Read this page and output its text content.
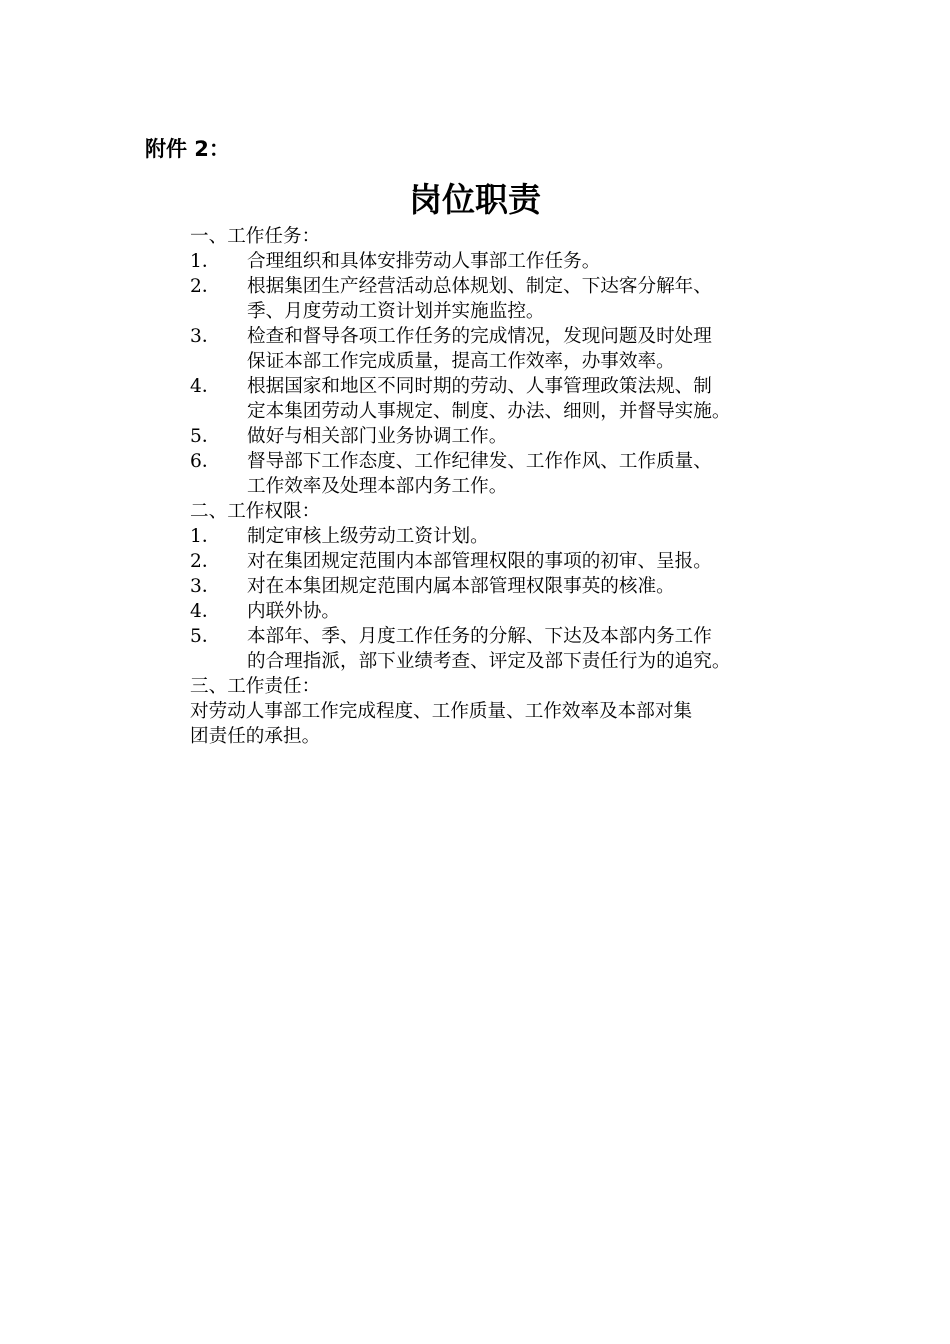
附件 2：
岗位职责
一、工作任务：
1．	合理组织和具体安排劳动人事部工作任务。
2．	根据集团生产经营活动总体规划、制定、下达客分解年、
季、月度劳动工资计划并实施监控。
3．	检查和督导各项工作任务的完成情况，发现问题及时处理
保证本部工作完成质量，提高工作效率，办事效率。
4．	根据国家和地区不同时期的劳动、人事管理政策法规、制
定本集团劳动人事规定、制度、办法、细则，并督导实施。
5．	做好与相关部门业务协调工作。
6．	督导部下工作态度、工作纪律发、工作作风、工作质量、
工作效率及处理本部内务工作。
二、工作权限：
1．	制定审核上级劳动工资计划。
2．	对在集团规定范围内本部管理权限的事项的初审、呈报。
3．	对在本集团规定范围内属本部管理权限事英的核准。
4．	内联外协。
5．	本部年、季、月度工作任务的分解、下达及本部内务工作
的合理指派，部下业绩考查、评定及部下责任行为的追究。
三、工作责任：
对劳动人事部工作完成程度、工作质量、工作效率及本部对集
团责任的承担。
